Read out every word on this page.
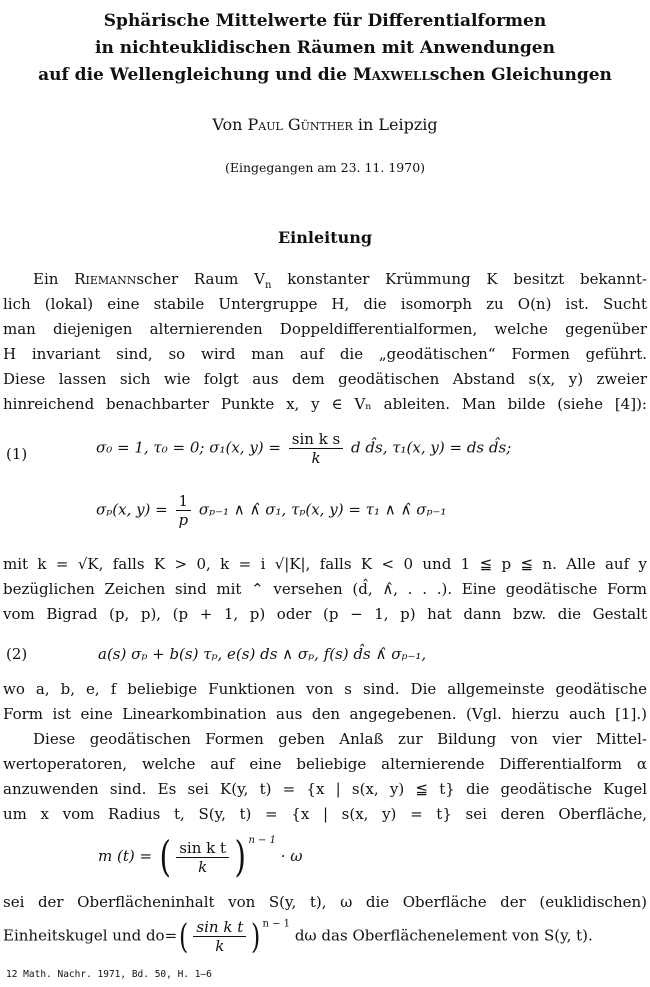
Sphärische Mittelwerte für Differentialformen
in nichteuklidischen Räumen mit Anwendungen
auf die Wellengleichung und die Maxwellschen Gleichungen
Von Paul Günther in Leipzig
(Eingegangen am 23. 11. 1970)
Einleitung
Ein Riemannscher Raum $V_n$ konstanter Krümmung K besitzt bekannt-
lich (lokal) eine stabile Untergruppe H, die isomorph zu O(n) ist. Sucht
man diejenigen alternierenden Doppeldifferentialformen, welche gegenüber
H invariant sind, so wird man auf die „geodätischen“ Formen geführt.
Diese lassen sich wie folgt aus dem geodätischen Abstand s(x, y) zweier
hinreichend benachbarter Punkte x, y ∈ Vₙ ableiten. Man bilde (siehe [4]):
(1)	σ₀ = 1, τ₀ = 0; σ₁(x, $y) = \frac{\text{sin k s}}{k}$ d d̂s, τ₁(x, y) = ds d̂s;
σₚ(x, $y) = \frac{1}{p} \sigma_{p-1}$ ∧ ∧̂ σ₁, τₚ(x, y) = τ₁ ∧ ∧̂ σₚ₋₁
mit k = √K, falls K > 0, k = i √|K|, falls K < 0 und 1 ≦ p ≦ n. Alle auf y
bezüglichen Zeichen sind mit ⌃ versehen (d̂, ∧̂, . . .). Eine geodätische Form
vom Bigrad (p, p), (p + 1, p) oder (p − 1, p) hat dann bzw. die Gestalt
(2)	a(s) σₚ + b(s) τₚ, e(s) ds ∧ σₚ, f(s) d̂s ∧̂ σₚ₋₁,
wo a, b, e, f beliebige Funktionen von s sind. Die allgemeinste geodätische
Form ist eine Linearkombination aus den angegebenen. (Vgl. hierzu auch [1].)
Diese geodätischen Formen geben Anlaß zur Bildung von vier Mittel-
wertoperatoren, welche auf eine beliebige alternierende Differentialform α
anzuwenden sind. Es sei K(y, t) = {x | s(x, y) ≦ t} die geodätische Kugel
um x vom Radius t, S(y, t) = {x | s(x, y) = t} sei deren Oberfläche,
m (t) = ( $\frac{\text{sin k t}}{k}$ ) $^{n - 1}$ · ω
sei der Oberflächeninhalt von S(y, t), ω die Oberfläche der (euklidischen)
Einheitskugel und $do=( \frac{\text{sin k t}}{k}$ ) $^{n - 1}$ dω das Oberflächenelement von S(y, t).
12 Math. Nachr. 1971, Bd. 50, H. 1–6
